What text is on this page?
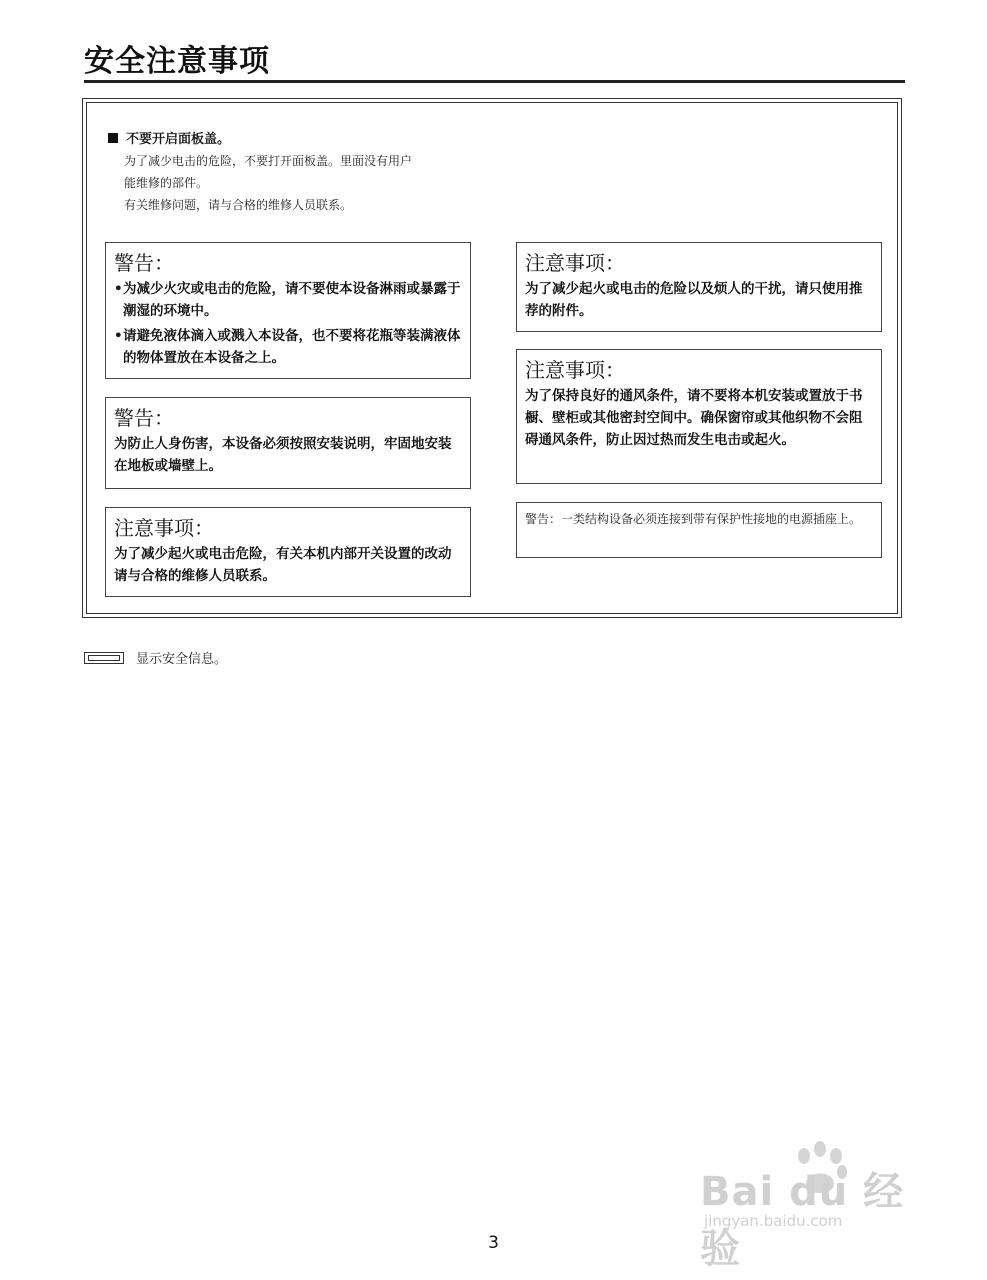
安全注意事项
不要开启面板盖。
为了减少电击的危险，不要打开面板盖。里面没有用户
能维修的部件。
有关维修问题，请与合格的维修人员联系。
警告：
• 为减少火灾或电击的危险，请不要使本设备淋雨或暴露于潮湿的环境中。
• 请避免液体滴入或溅入本设备，也不要将花瓶等装满液体的物体置放在本设备之上。
警告：
为防止人身伤害，本设备必须按照安装说明，牢固地安装在地板或墙壁上。
注意事项：
为了减少起火或电击危险，有关本机内部开关设置的改动请与合格的维修人员联系。
注意事项：
为了减少起火或电击的危险以及烦人的干扰，请只使用推荐的附件。
注意事项：
为了保持良好的通风条件，请不要将本机安装或置放于书橱、壁柜或其他密封空间中。确保窗帘或其他织物不会阻碍通风条件，防止因过热而发生电击或起火。
警告：一类结构设备必须连接到带有保护性接地的电源插座上。
显示安全信息。
Bai du 经验
jingyan.baidu.com
3
